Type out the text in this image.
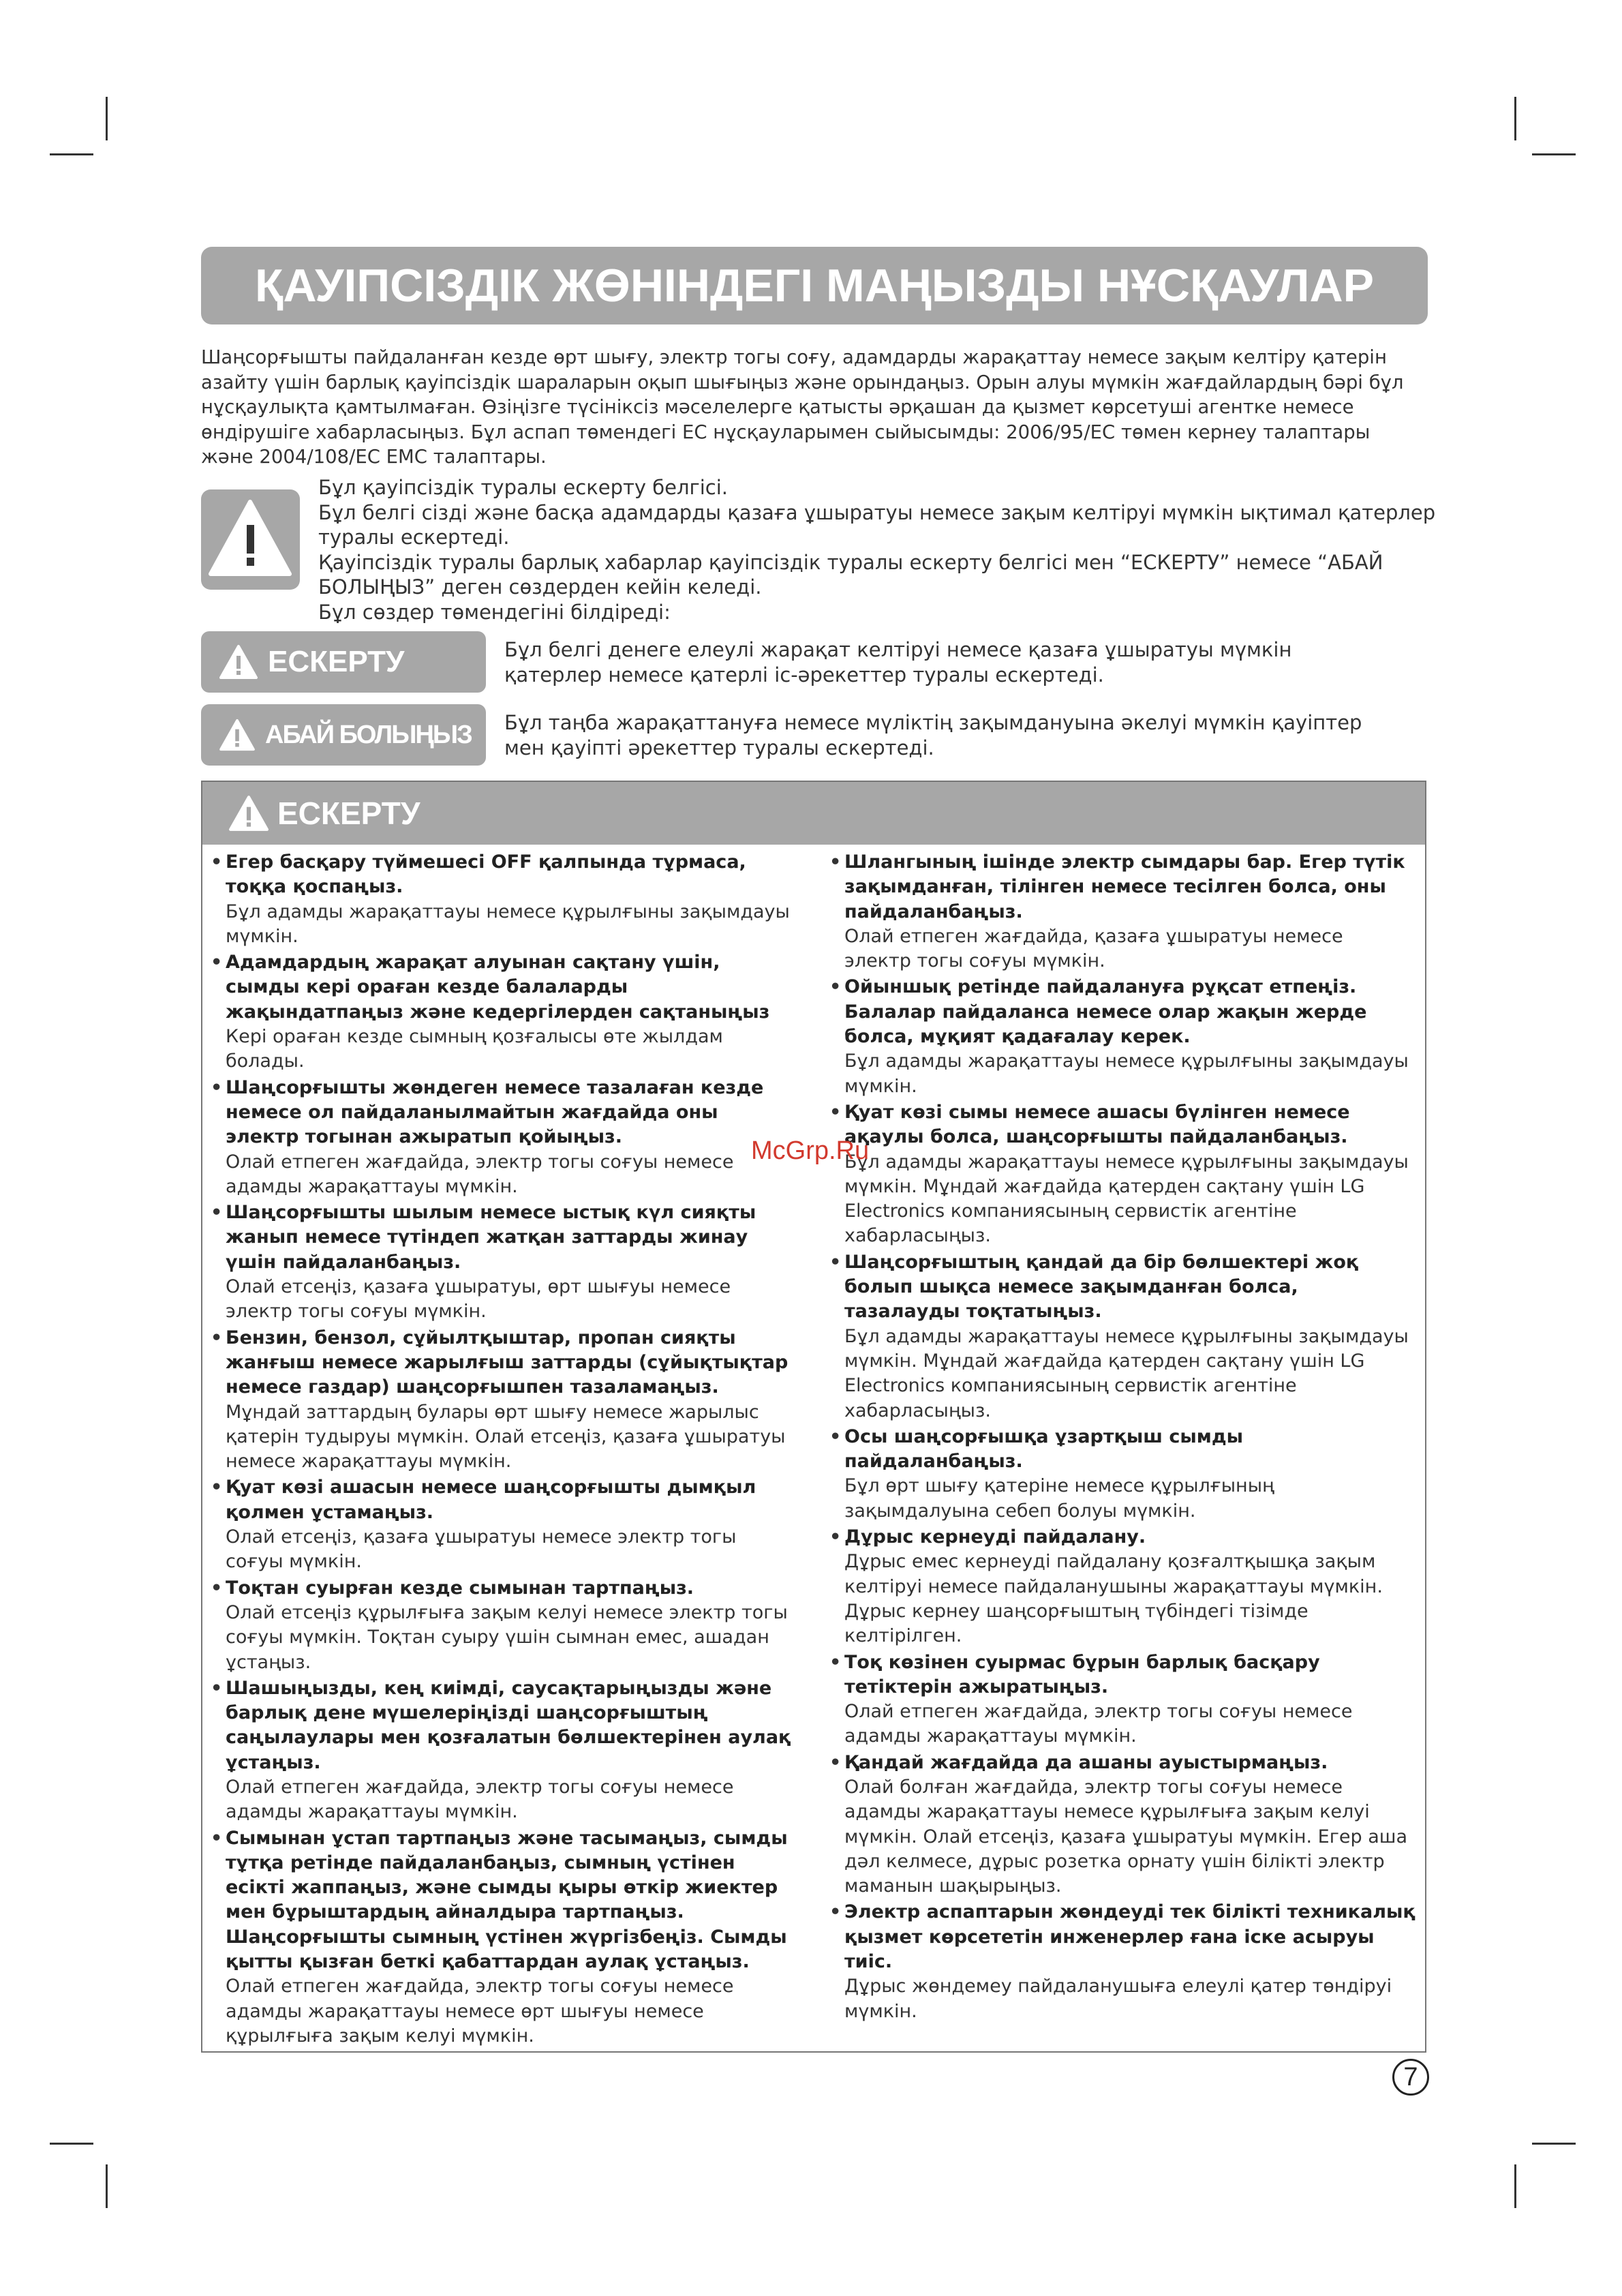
ҚАУІПСІЗДІК ЖӨНІНДЕГІ МАҢЫЗДЫ НҰСҚАУЛАР

Шаңсорғышты пайдаланған кезде өрт шығу, электр тогы соғу, адамдарды жарақаттау немесе зақым келтіру қатерін азайту үшін барлық қауіпсіздік шараларын оқып шығыңыз және орындаңыз. Орын алуы мүмкін жағдайлардың бәрі бұл нұсқаулықта қамтылмаған. Өзіңізге түсініксіз мәселелерге қатысты әрқашан да қызмет көрсетуші агентке немесе өндірушіге хабарласыңыз. Бұл аспап төмендегі ЕС нұсқауларымен сыйысымды: 2006/95/ЕС төмен кернеу талаптары және 2004/108/ЕС EMC талаптары.

Бұл қауіпсіздік туралы ескерту белгісі.

Бұл белгі сізді және басқа адамдарды қазаға ұшыратуы немесе зақым келтіруі мүмкін ықтимал қатерлер туралы ескертеді.

Қауіпсіздік туралы барлық хабарлар қауіпсіздік туралы ескерту белгісі мен “ЕСКЕРТУ” немесе “АБАЙ БОЛЫҢЫЗ” деген сөздерден кейін келеді.

Бұл сөздер төмендегіні білдіреді:

ЕСКЕРТУ	Бұл белгі денеге елеулі жарақат келтіруі немесе қазаға ұшыратуы мүмкін қатерлер немесе қатерлі іс-әрекеттер туралы ескертеді.

АБАЙ БОЛЫҢЫЗ Бұл таңба жарақаттануға немесе мүліктің зақымдануына әкелуі мүмкін қауіптер мен қауіпті әрекеттер туралы ескертеді.

ЕСКЕРТУ
• Егер басқару түймешесі OFF қалпында тұрмаса, тоққа қоспаңыз.
Бұл адамды жарақаттауы немесе құрылғыны зақымдауы мүмкін.
• Адамдардың жарақат алуынан сақтану үшін, сымды кері ораған кезде балаларды жақындатпаңыз және кедергілерден сақтаныңыз
Кері ораған кезде сымның қозғалысы өте жылдам болады.
• Шаңсорғышты жөндеген немесе тазалаған кезде немесе ол пайдаланылмайтын жағдайда оны электр тогынан ажыратып қойыңыз.
Олай етпеген жағдайда, электр тогы соғуы немесе адамды жарақаттауы мүмкін.
• Шаңсорғышты шылым немесе ыстық күл сияқты жанып немесе түтіндеп жатқан заттарды жинау үшін пайдаланбаңыз.
Олай етсеңіз, қазаға ұшыратуы, өрт шығуы немесе электр тогы соғуы мүмкін.
• Бензин, бензол, сұйылтқыштар, пропан сияқты жанғыш немесе жарылғыш заттарды (сұйықтықтар немесе газдар) шаңсорғышпен тазаламаңыз.
Мұндай заттардың булары өрт шығу немесе жарылыс қатерін тудыруы мүмкін. Олай етсеңіз, қазаға ұшыратуы немесе жарақаттауы мүмкін.
• Қуат көзі ашасын немесе шаңсорғышты дымқыл қолмен ұстамаңыз.
Олай етсеңіз, қазаға ұшыратуы немесе электр тогы соғуы мүмкін.
• Тоқтан суырған кезде сымынан тартпаңыз.
Олай етсеңіз құрылғыға зақым келуі немесе электр тогы соғуы мүмкін. Тоқтан суыру үшін сымнан емес, ашадан ұстаңыз.
• Шашыңызды, кең киімді, саусақтарыңызды және барлық дене мүшелеріңізді шаңсорғыштың саңылаулары мен қозғалатын бөлшектерінен аулақ ұстаңыз.
Олай етпеген жағдайда, электр тогы соғуы немесе адамды жарақаттауы мүмкін.
• Сымынан ұстап тартпаңыз және тасымаңыз, сымды тұтқа ретінде пайдаланбаңыз, сымның үстінен есікті жаппаңыз, және сымды қыры өткір жиектер мен бұрыштардың айналдыра тартпаңыз. Шаңсорғышты сымның үстінен жүргізбеңіз. Сымды қытты қызған беткі қабаттардан аулақ ұстаңыз.
Олай етпеген жағдайда, электр тогы соғуы немесе адамды жарақаттауы немесе өрт шығуы немесе құрылғыға зақым келуі мүмкін.
• Шлангының ішінде электр сымдары бар. Егер түтік зақымданған, тілінген немесе тесілген болса, оны пайдаланбаңыз.
Олай етпеген жағдайда, қазаға ұшыратуы немесе электр тогы соғуы мүмкін.
• Ойыншық ретінде пайдалануға рұқсат етпеңіз. Балалар пайдаланса немесе олар жақын жерде болса, мұқият қадағалау керек.
Бұл адамды жарақаттауы немесе құрылғыны зақымдауы мүмкін.
• Қуат көзі сымы немесе ашасы бүлінген немесе ақаулы болса, шаңсорғышты пайдаланбаңыз.
Бұл адамды жарақаттауы немесе құрылғыны зақымдауы мүмкін. Мұндай жағдайда қатерден сақтану үшін LG Electronics компаниясының сервистік агентіне хабарласыңыз.
• Шаңсорғыштың қандай да бір бөлшектері жоқ болып шықса немесе зақымданған болса, тазалауды тоқтатыңыз.
Бұл адамды жарақаттауы немесе құрылғыны зақымдауы мүмкін. Мұндай жағдайда қатерден сақтану үшін LG Electronics компаниясының сервистік агентіне хабарласыңыз.
• Осы шаңсорғышқа ұзартқыш сымды пайдаланбаңыз.
Бұл өрт шығу қатеріне немесе құрылғының зақымдалуына себеп болуы мүмкін.
• Дұрыс кернеуді пайдалану.
Дұрыс емес кернеуді пайдалану қозғалтқышқа зақым келтіруі немесе пайдаланушыны жарақаттауы мүмкін. Дұрыс кернеу шаңсорғыштың түбіндегі тізімде келтірілген.
• Тоқ көзінен суырмас бұрын барлық басқару тетіктерін ажыратыңыз.
Олай етпеген жағдайда, электр тогы соғуы немесе адамды жарақаттауы мүмкін.
• Қандай жағдайда да ашаны ауыстырмаңыз.
Олай болған жағдайда, электр тогы соғуы немесе адамды жарақаттауы немесе құрылғыға зақым келуі мүмкін. Олай етсеңіз, қазаға ұшыратуы мүмкін. Егер аша дәл келмесе, дұрыс розетка орнату үшін білікті электр маманын шақырыңыз.
• Электр аспаптарын жөндеуді тек білікті техникалық қызмет көрсететін инженерлер ғана іске асыруы тиіс.
Дұрыс жөндемеу пайдаланушыға елеулі қатер төндіруі мүмкін.
McGrp.Ru
7
